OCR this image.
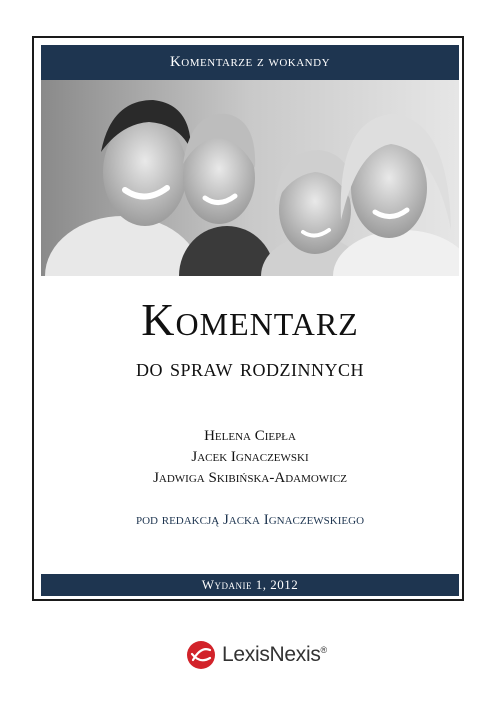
Komentarze z wokandy
Komentarz
do spraw rodzinnych
Helena Ciepła
Jacek Ignaczewski
Jadwiga Skibińska-Adamowicz
pod redakcją Jacka Ignaczewskiego
Wydanie 1, 2012
LexisNexis®
